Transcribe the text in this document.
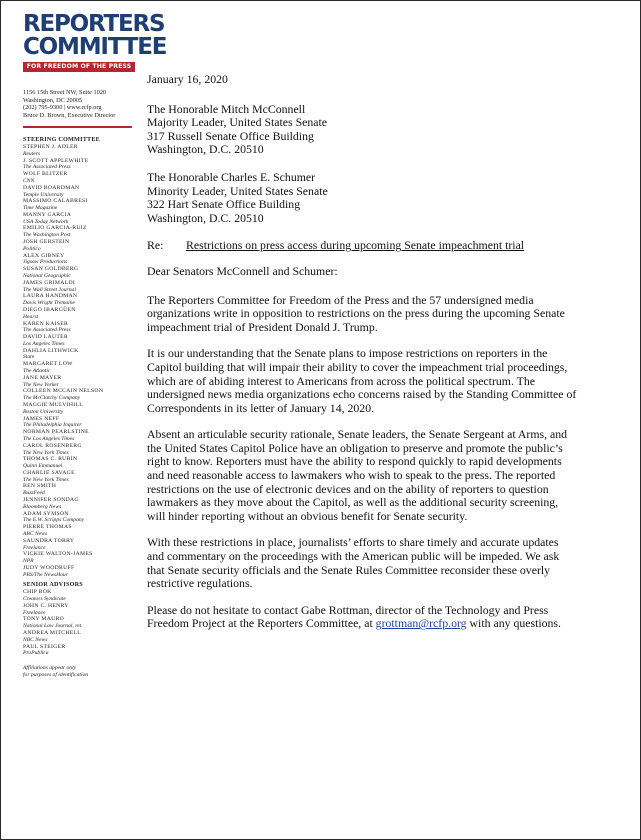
REPORTERS
COMMITTEE
FOR FREEDOM OF THE PRESS
1156 15th Street NW, Suite 1020
Washington, DC 20005
(202) 795-9300 | www.rcfp.org
Bruce D. Brown, Executive Director
STEERING COMMITTEE
STEPHEN J. ADLER
Reuters
J. SCOTT APPLEWHITE
The Associated Press
WOLF BLITZER
CNN
DAVID BOARDMAN
Temple University
MASSIMO CALABRESI
Time Magazine
MANNY GARCIA
USA Today Network
EMILIO GARCIA-RUIZ
The Washington Post
JOSH GERSTEIN
Politico
ALEX GIBNEY
Jigsaw Productions
SUSAN GOLDBERG
National Geographic
JAMES GRIMALDI
The Wall Street Journal
LAURA HANDMAN
Davis Wright Tremaine
DIEGO IBARGÜEN
Hearst
KAREN KAISER
The Associated Press
DAVID LAUTER
Los Angeles Times
DAHLIA LITHWICK
Slate
MARGARET LOW
The Atlantic
JANE MAYER
The New Yorker
COLLEEN MCCAIN NELSON
The McClatchy Company
MAGGIE MULVIHILL
Boston University
JAMES NEFF
The Philadelphia Inquirer
NORMAN PEARLSTINE
The Los Angeles Times
CAROL ROSENBERG
The New York Times
THOMAS C. RUBIN
Quinn Emmanuel
CHARLIE SAVAGE
The New York Times
BEN SMITH
BuzzFeed
JENNIFER SONDAG
Bloomberg News
ADAM SYMSON
The E.W. Scripps Company
PIERRE THOMAS
ABC News
SAUNDRA TORRY
Freelance
VICKIE WALTON-JAMES
NPR
JUDY WOODRUFF
PBS/The NewsHour
SENIOR ADVISORS
CHIP BOK
Creators Syndicate
JOHN C. HENRY
Freelance
TONY MAURO
National Law Journal, ret.
ANDREA MITCHELL
NBC News
PAUL STEIGER
ProPublica
Affiliations appear only
for purposes of identification
January 16, 2020
The Honorable Mitch McConnell
Majority Leader, United States Senate
317 Russell Senate Office Building
Washington, D.C. 20510
The Honorable Charles E. Schumer
Minority Leader, United States Senate
322 Hart Senate Office Building
Washington, D.C. 20510
Re:	Restrictions on press access during upcoming Senate impeachment trial
Dear Senators McConnell and Schumer:

The Reporters Committee for Freedom of the Press and the 57 undersigned media organizations write in opposition to restrictions on the press during the upcoming Senate impeachment trial of President Donald J. Trump.

It is our understanding that the Senate plans to impose restrictions on reporters in the Capitol building that will impair their ability to cover the impeachment trial proceedings, which are of abiding interest to Americans from across the political spectrum. The undersigned news media organizations echo concerns raised by the Standing Committee of Correspondents in its letter of January 14, 2020.

Absent an articulable security rationale, Senate leaders, the Senate Sergeant at Arms, and the United States Capitol Police have an obligation to preserve and promote the public’s right to know. Reporters must have the ability to respond quickly to rapid developments and need reasonable access to lawmakers who wish to speak to the press. The reported restrictions on the use of electronic devices and on the ability of reporters to question lawmakers as they move about the Capitol, as well as the additional security screening, will hinder reporting without an obvious benefit for Senate security.

With these restrictions in place, journalists’ efforts to share timely and accurate updates and commentary on the proceedings with the American public will be impeded. We ask that Senate security officials and the Senate Rules Committee reconsider these overly restrictive regulations.

Please do not hesitate to contact Gabe Rottman, director of the Technology and Press Freedom Project at the Reporters Committee, at grottman@rcfp.org with any questions.
